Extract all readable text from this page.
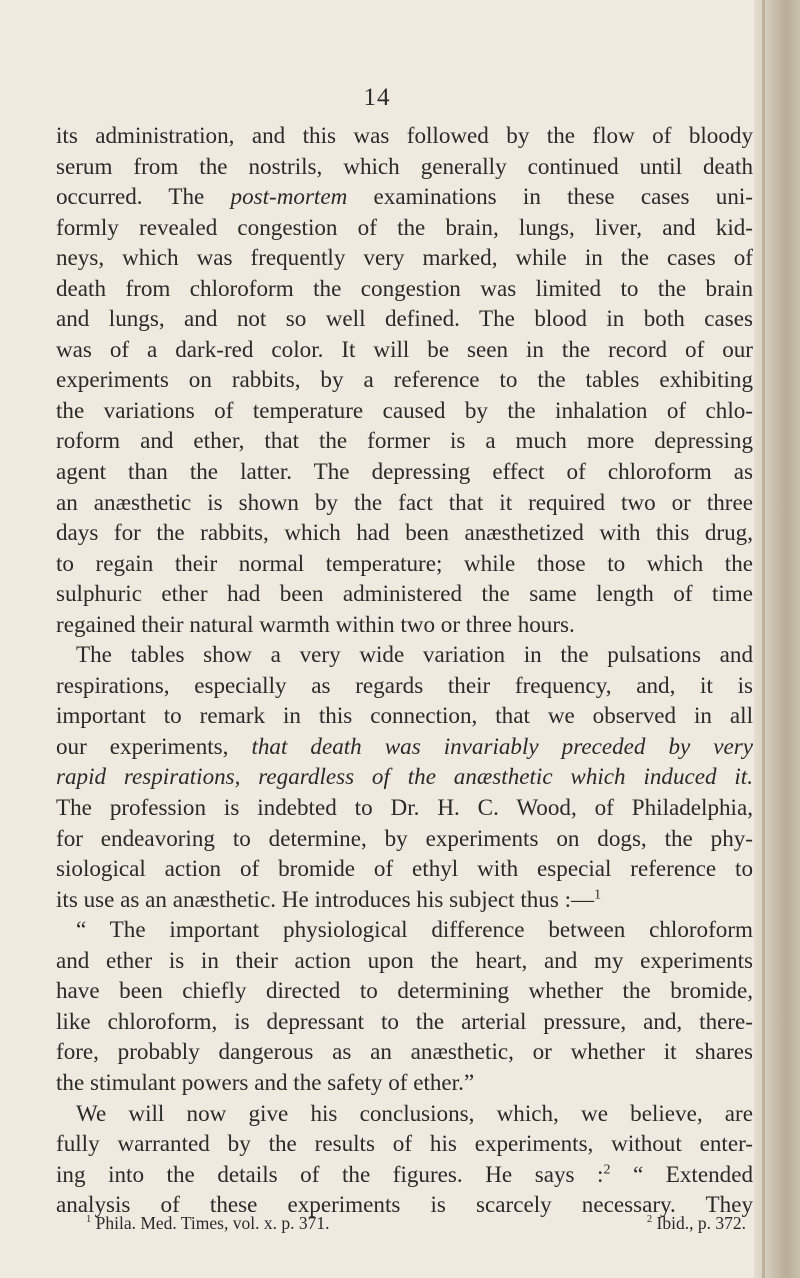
14
its administration, and this was followed by the flow of bloody
serum from the nostrils, which generally continued until death
occurred. The post-mortem examinations in these cases uni-
formly revealed congestion of the brain, lungs, liver, and kid-
neys, which was frequently very marked, while in the cases of
death from chloroform the congestion was limited to the brain
and lungs, and not so well defined. The blood in both cases
was of a dark-red color. It will be seen in the record of our
experiments on rabbits, by a reference to the tables exhibiting
the variations of temperature caused by the inhalation of chlo-
roform and ether, that the former is a much more depressing
agent than the latter. The depressing effect of chloroform as
an anæsthetic is shown by the fact that it required two or three
days for the rabbits, which had been anæsthetized with this drug,
to regain their normal temperature; while those to which the
sulphuric ether had been administered the same length of time
regained their natural warmth within two or three hours.
The tables show a very wide variation in the pulsations and
respirations, especially as regards their frequency, and, it is
important to remark in this connection, that we observed in all
our experiments, that death was invariably preceded by very
rapid respirations, regardless of the anæsthetic which induced it.
The profession is indebted to Dr. H. C. Wood, of Philadelphia,
for endeavoring to determine, by experiments on dogs, the phy-
siological action of bromide of ethyl with especial reference to
its use as an anæsthetic. He introduces his subject thus :—$^1$
“ The important physiological difference between chloroform
and ether is in their action upon the heart, and my experiments
have been chiefly directed to determining whether the bromide,
like chloroform, is depressant to the arterial pressure, and, there-
fore, probably dangerous as an anæsthetic, or whether it shares
the stimulant powers and the safety of ether.”
We will now give his conclusions, which, we believe, are
fully warranted by the results of his experiments, without enter-
ing into the details of the figures. He says :$^2$ “ Extended
analysis of these experiments is scarcely necessary. They
$^1$ Phila. Med. Times, vol. x. p. 371.	$^2$ Ibid., p. 372.
